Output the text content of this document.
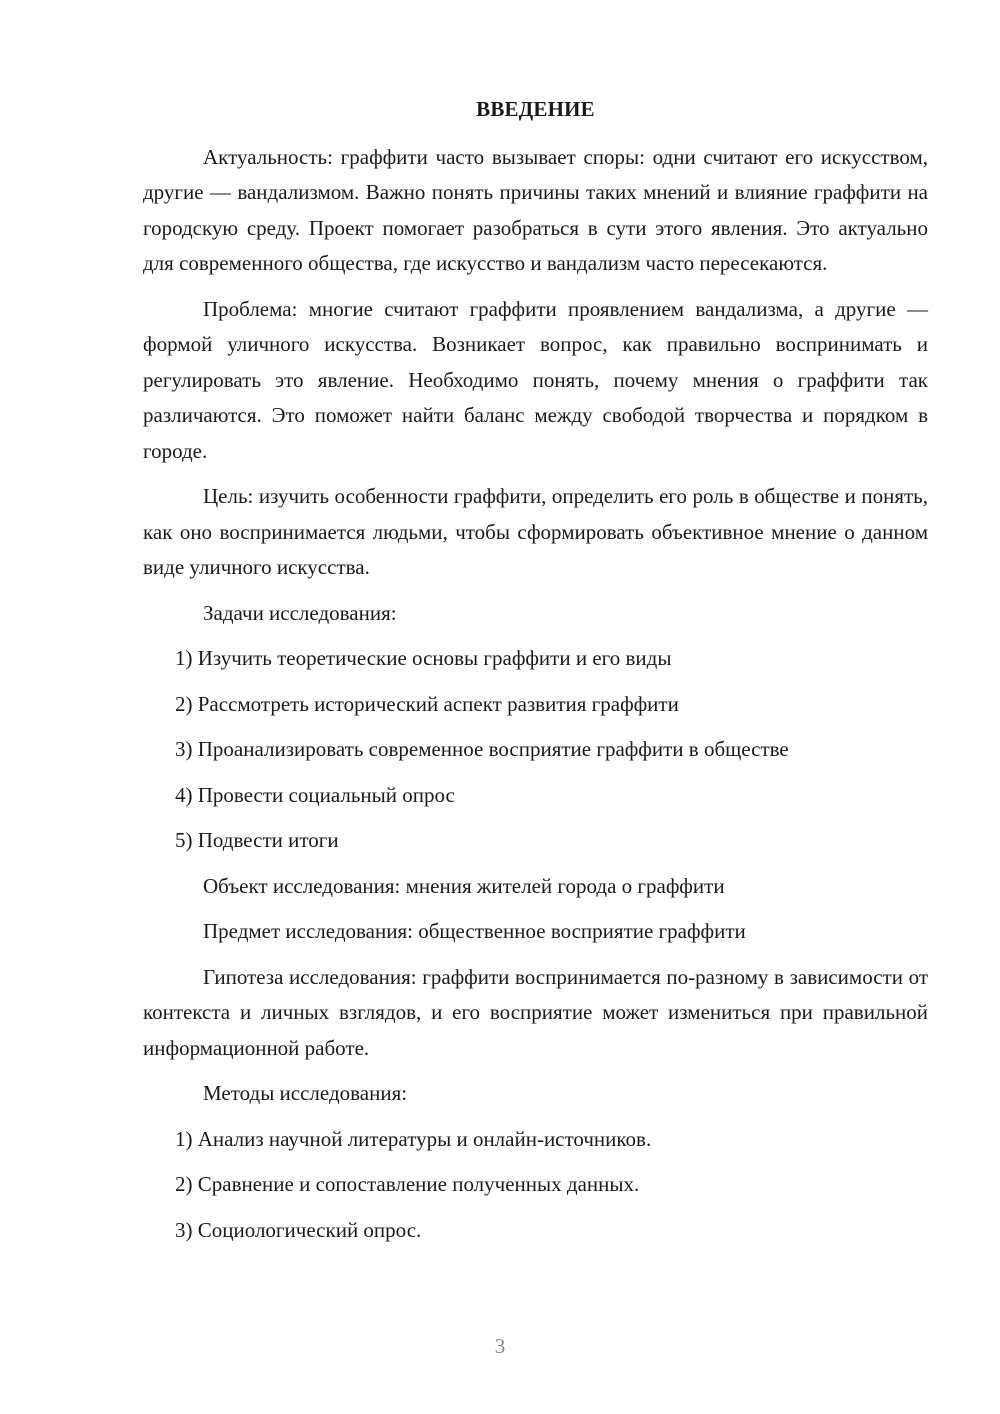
ВВЕДЕНИЕ
Актуальность: граффити часто вызывает споры: одни считают его искусством, другие — вандализмом. Важно понять причины таких мнений и влияние граффити на городскую среду. Проект помогает разобраться в сути этого явления. Это актуально для современного общества, где искусство и вандализм часто пересекаются.
Проблема: многие считают граффити проявлением вандализма, а другие — формой уличного искусства. Возникает вопрос, как правильно воспринимать и регулировать это явление. Необходимо понять, почему мнения о граффити так различаются. Это поможет найти баланс между свободой творчества и порядком в городе.
Цель: изучить особенности граффити, определить его роль в обществе и понять, как оно воспринимается людьми, чтобы сформировать объективное мнение о данном виде уличного искусства.
Задачи исследования:
1) Изучить теоретические основы граффити и его виды
2) Рассмотреть исторический аспект развития граффити
3) Проанализировать современное восприятие граффити в обществе
4) Провести социальный опрос
5) Подвести итоги
Объект исследования: мнения жителей города о граффити
Предмет исследования: общественное восприятие граффити
Гипотеза исследования: граффити воспринимается по-разному в зависимости от контекста и личных взглядов, и его восприятие может измениться при правильной информационной работе.
Методы исследования:
1) Анализ научной литературы и онлайн-источников.
2) Сравнение и сопоставление полученных данных.
3) Социологический опрос.
3
